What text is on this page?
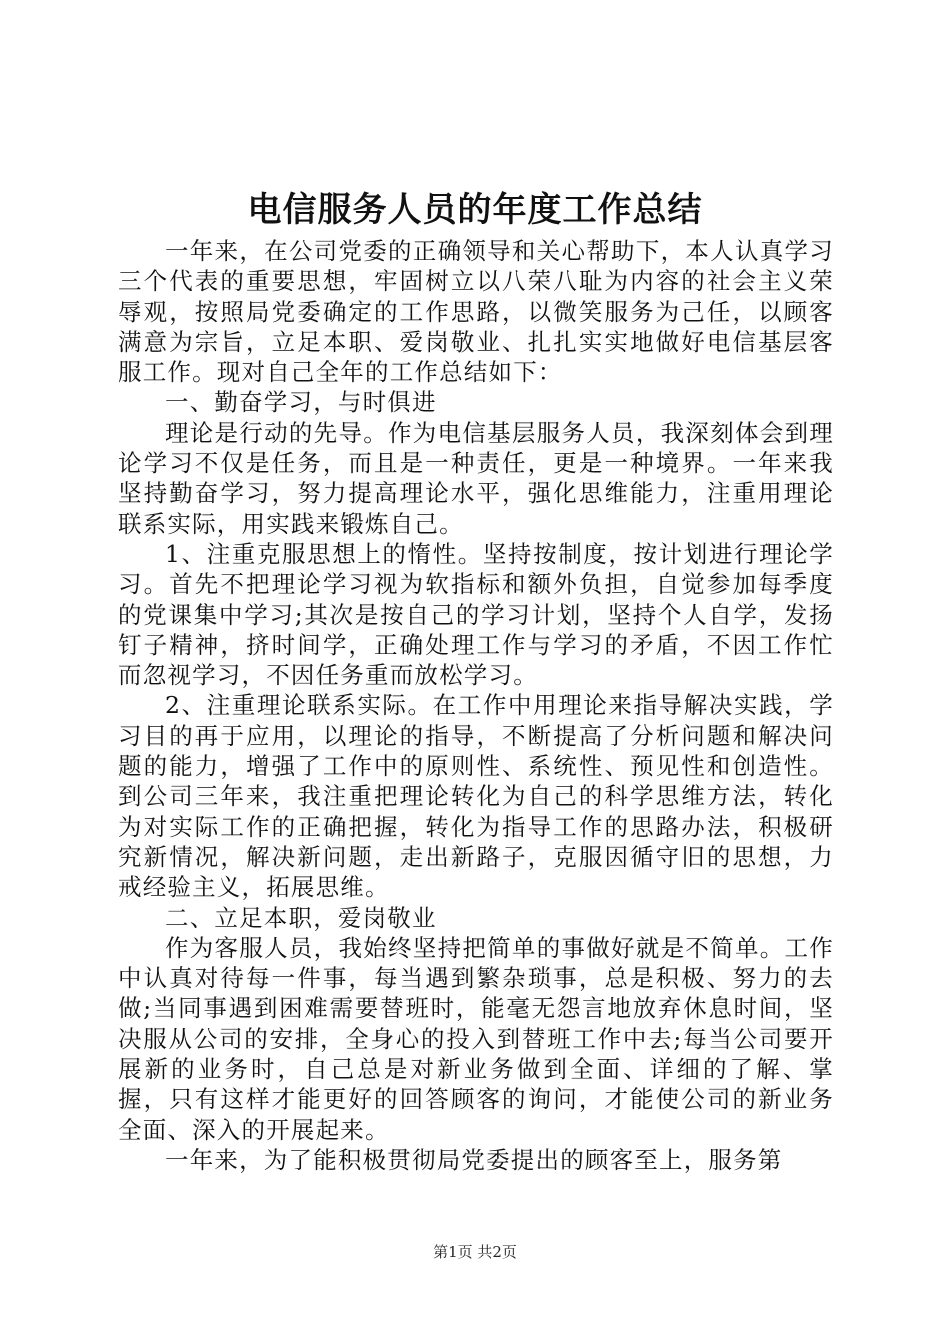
电信服务人员的年度工作总结

一年来，在公司党委的正确领导和关心帮助下，本人认真学习三个代表的重要思想，牢固树立以八荣八耻为内容的社会主义荣辱观，按照局党委确定的工作思路，以微笑服务为己任，以顾客满意为宗旨，立足本职、爱岗敬业、扎扎实实地做好电信基层客服工作。现对自己全年的工作总结如下：

一、勤奋学习，与时俱进

理论是行动的先导。作为电信基层服务人员，我深刻体会到理论学习不仅是任务，而且是一种责任，更是一种境界。一年来我坚持勤奋学习，努力提高理论水平，强化思维能力，注重用理论联系实际，用实践来锻炼自己。

1、注重克服思想上的惰性。坚持按制度，按计划进行理论学习。首先不把理论学习视为软指标和额外负担，自觉参加每季度的党课集中学习;其次是按自己的学习计划，坚持个人自学，发扬钉子精神，挤时间学，正确处理工作与学习的矛盾，不因工作忙而忽视学习，不因任务重而放松学习。

2、注重理论联系实际。在工作中用理论来指导解决实践，学习目的再于应用，以理论的指导，不断提高了分析问题和解决问题的能力，增强了工作中的原则性、系统性、预见性和创造性。到公司三年来，我注重把理论转化为自己的科学思维方法，转化为对实际工作的正确把握，转化为指导工作的思路办法，积极研究新情况，解决新问题，走出新路子，克服因循守旧的思想，力戒经验主义，拓展思维。

二、立足本职，爱岗敬业

作为客服人员，我始终坚持把简单的事做好就是不简单。工作中认真对待每一件事，每当遇到繁杂琐事，总是积极、努力的去做;当同事遇到困难需要替班时，能毫无怨言地放弃休息时间，坚决服从公司的安排，全身心的投入到替班工作中去;每当公司要开展新的业务时，自己总是对新业务做到全面、详细的了解、掌握，只有这样才能更好的回答顾客的询问，才能使公司的新业务全面、深入的开展起来。

一年来，为了能积极贯彻局党委提出的顾客至上，服务第

第1页 共2页
